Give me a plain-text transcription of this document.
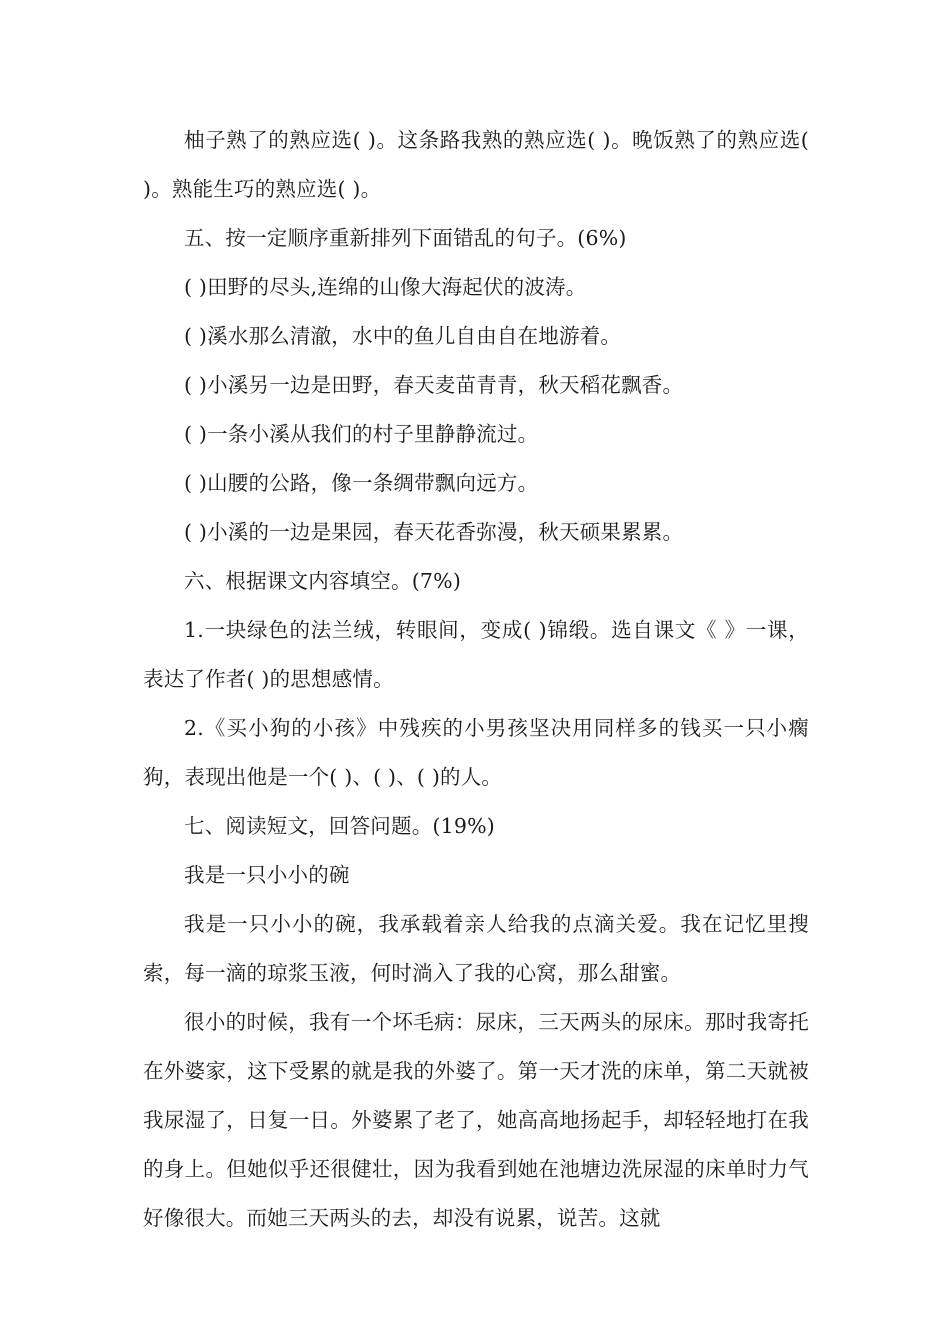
柚子熟了的熟应选( )。这条路我熟的熟应选( )。晚饭熟了的熟应选( )。熟能生巧的熟应选( )。

五、按一定顺序重新排列下面错乱的句子。(6%)

( )田野的尽头,连绵的山像大海起伏的波涛。

( )溪水那么清澈，水中的鱼儿自由自在地游着。

( )小溪另一边是田野，春天麦苗青青，秋天稻花飘香。

( )一条小溪从我们的村子里静静流过。

( )山腰的公路，像一条绸带飘向远方。

( )小溪的一边是果园，春天花香弥漫，秋天硕果累累。

六、根据课文内容填空。(7%)

1.一块绿色的法兰绒，转眼间，变成( )锦缎。选自课文《 》一课，表达了作者( )的思想感情。

2.《买小狗的小孩》中残疾的小男孩坚决用同样多的钱买一只小瘸狗，表现出他是一个( )、( )、( )的人。

七、阅读短文，回答问题。(19%)

我是一只小小的碗

我是一只小小的碗，我承载着亲人给我的点滴关爱。我在记忆里搜索，每一滴的琼浆玉液，何时淌入了我的心窝，那么甜蜜。

很小的时候，我有一个坏毛病：尿床，三天两头的尿床。那时我寄托在外婆家，这下受累的就是我的外婆了。第一天才洗的床单，第二天就被我尿湿了，日复一日。外婆累了老了，她高高地扬起手，却轻轻地打在我的身上。但她似乎还很健壮，因为我看到她在池塘边洗尿湿的床单时力气好像很大。而她三天两头的去，却没有说累，说苦。这就
